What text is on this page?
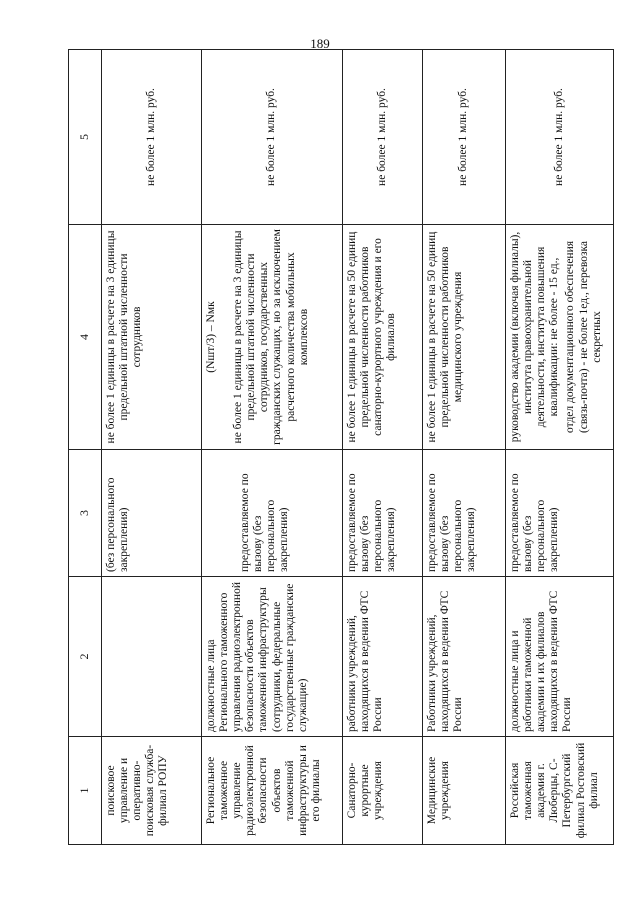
189
1	2	3	4	5
поисковое управление и оперативно-поисковая служба-филиал РОПУ		(без персонального закрепления)	не более 1 единицы в расчете на 3 единицы предельной штатной численности сотрудников	не более 1 млн. руб.
Региональное таможенное управление радиоэлектронной безопасности объектов таможенной инфраструктуры и его филиалы	должностные лица Регионального таможенного управления радиоэлектронной безопасности объектов таможенной инфраструктуры (сотрудники, федеральные государственные гражданские служащие)	предоставляемое по вызову (без персонального закрепления)	(Nшт/3) – Nмк не более 1 единицы в расчете на 3 единицы предельной штатной численности сотрудников, государственных гражданских служащих, но за исключением расчетного количества мобильных комплексов	не более 1 млн. руб.
Санаторно-курортные учреждения	работники учреждений, находящихся в ведении ФТС России	предоставляемое по вызову (без персонального закрепления)	не более 1 единицы в расчете на 50 единиц предельной численности работников санаторно-курортного учреждения и его филиалов	не более 1 млн. руб.
Медицинские учреждения	Работники учреждений, находящихся в ведении ФТС России	предоставляемое по вызову (без персонального закрепления)	не более 1 единицы в расчете на 50 единиц предельной численности работников медицинского учреждения	не более 1 млн. руб.
Российская таможенная академия г. Люберцы, С-Петербургский филиал Ростовский филиал	должностные лица и работники таможенной академии и их филиалов находящихся в ведении ФТС России	предоставляемое по вызову (без персонального закрепления)	руководство академии (включая филиалы), института правоохранительной деятельности, института повышения квалификации: не более - 15 ед., отдел документационного обеспечения (связь-почта) - не более 1ед., перевозка секретных	не более 1 млн. руб.
